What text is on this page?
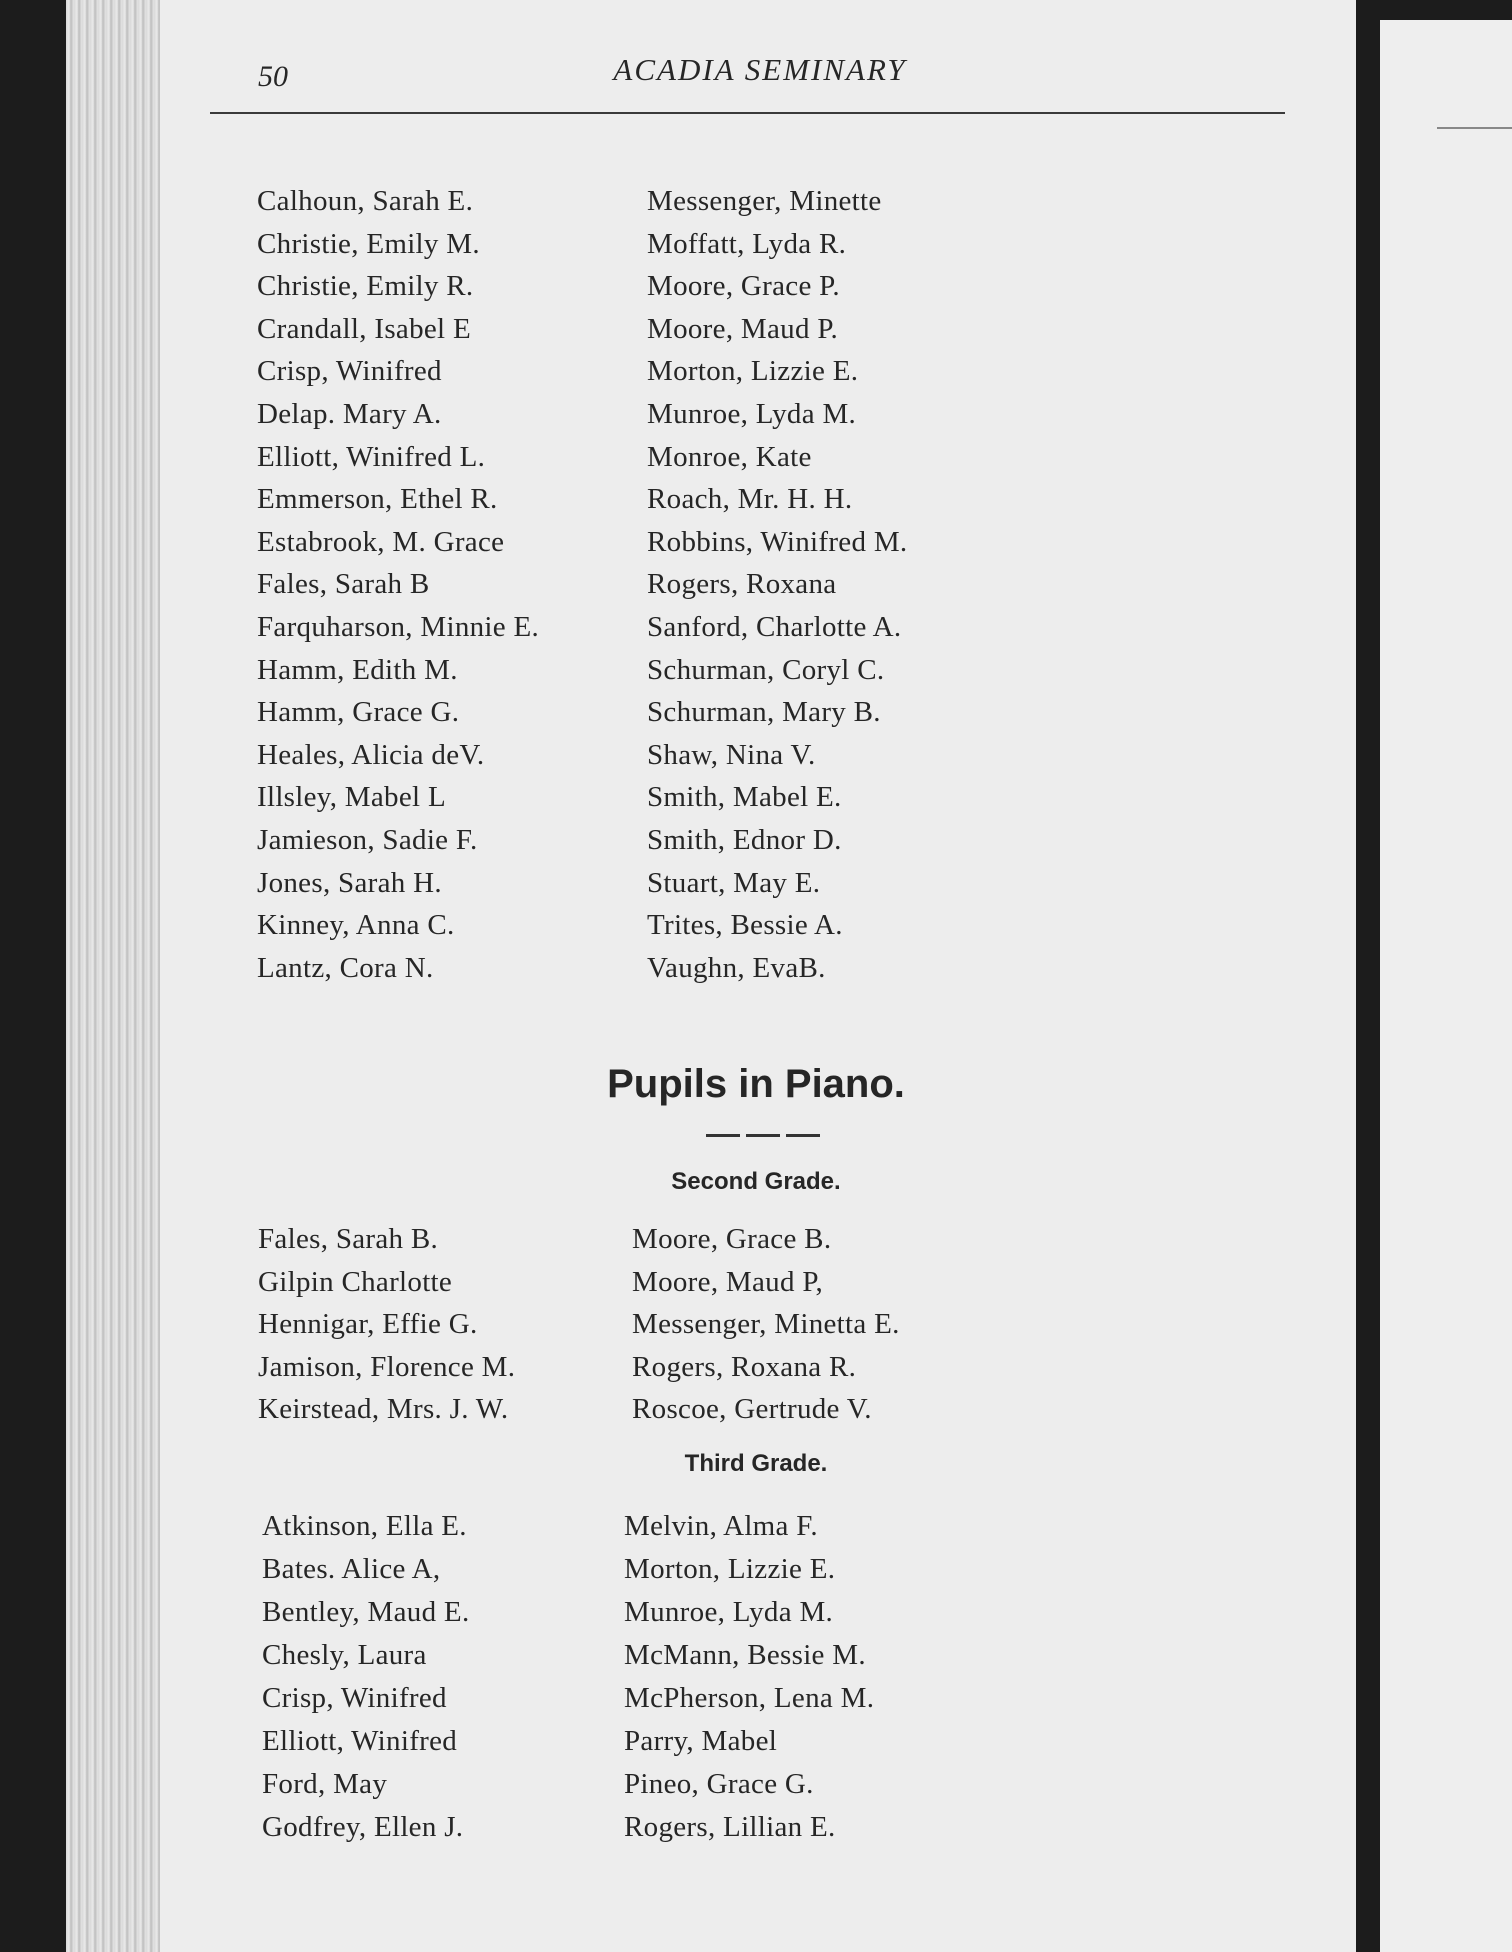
50	ACADIA SEMINARY
Calhoun, Sarah E.
Christie, Emily M.
Christie, Emily R.
Crandall, Isabel E
Crisp, Winifred
Delap. Mary A.
Elliott, Winifred L.
Emmerson, Ethel R.
Estabrook, M. Grace
Fales, Sarah B
Farquharson, Minnie E.
Hamm, Edith M.
Hamm, Grace G.
Heales, Alicia deV.
Illsley, Mabel L
Jamieson, Sadie F.
Jones, Sarah H.
Kinney, Anna C.
Lantz, Cora N.
Messenger, Minette
Moffatt, Lyda R.
Moore, Grace P.
Moore, Maud P.
Morton, Lizzie E.
Munroe, Lyda M.
Monroe, Kate
Roach, Mr. H. H.
Robbins, Winifred M.
Rogers, Roxana
Sanford, Charlotte A.
Schurman, Coryl C.
Schurman, Mary B.
Shaw, Nina V.
Smith, Mabel E.
Smith, Ednor D.
Stuart, May E.
Trites, Bessie A.
Vaughn, EvaB.
Pupils in Piano.
Second Grade.
Fales, Sarah B.
Gilpin Charlotte
Hennigar, Effie G.
Jamison, Florence M.
Keirstead, Mrs. J. W.
Moore, Grace B.
Moore, Maud P,
Messenger, Minetta E.
Rogers, Roxana R.
Roscoe, Gertrude V.
Third Grade.
Atkinson, Ella E.
Bates. Alice A,
Bentley, Maud E.
Chesly, Laura
Crisp, Winifred
Elliott, Winifred
Ford, May
Godfrey, Ellen J.
Melvin, Alma F.
Morton, Lizzie E.
Munroe, Lyda M.
McMann, Bessie M.
McPherson, Lena M.
Parry, Mabel
Pineo, Grace G.
Rogers, Lillian E.
